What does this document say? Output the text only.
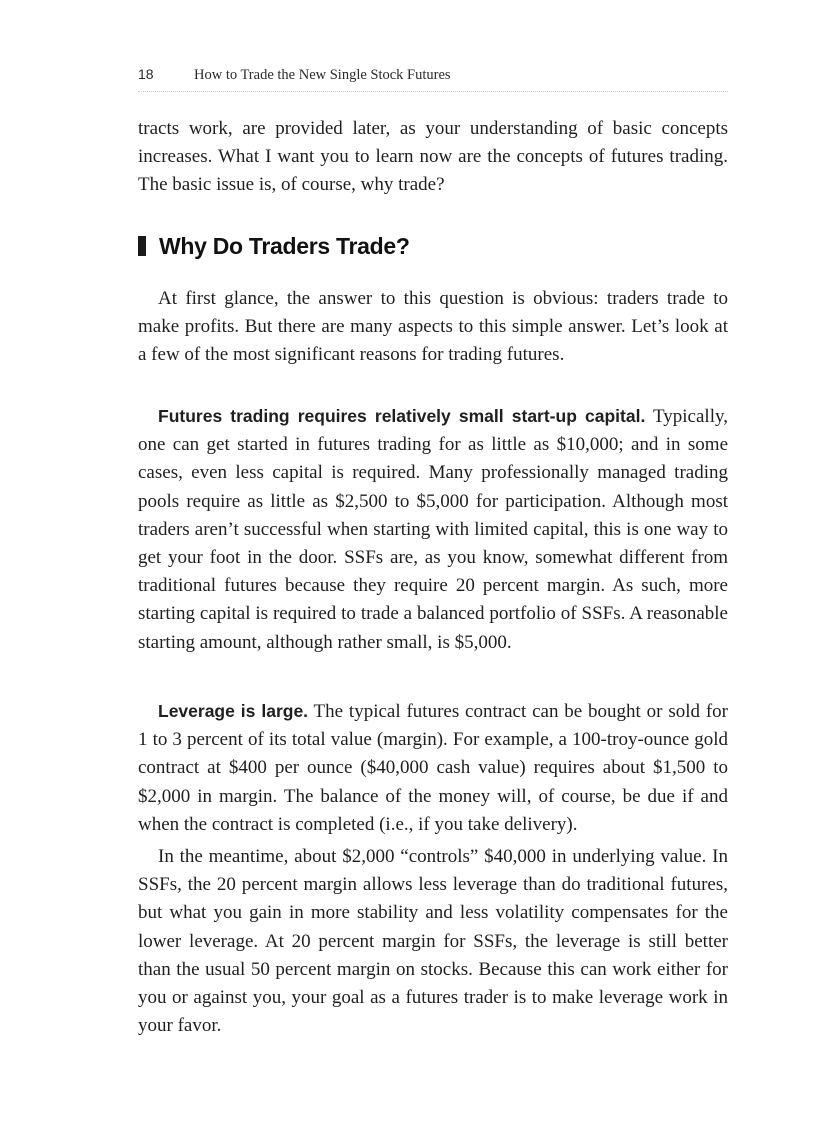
18	How to Trade the New Single Stock Futures

tracts work, are provided later, as your understanding of basic concepts increases. What I want you to learn now are the concepts of futures trading. The basic issue is, of course, why trade?

Why Do Traders Trade?

At first glance, the answer to this question is obvious: traders trade to make profits. But there are many aspects to this simple answer. Let’s look at a few of the most significant reasons for trading futures.

Futures trading requires relatively small start-up capital. Typically, one can get started in futures trading for as little as $10,000; and in some cases, even less capital is required. Many professionally managed trading pools require as little as $2,500 to $5,000 for participation. Although most traders aren’t successful when starting with limited capital, this is one way to get your foot in the door. SSFs are, as you know, somewhat different from traditional futures because they require 20 percent margin. As such, more starting capital is required to trade a balanced portfolio of SSFs. A reasonable starting amount, although rather small, is $5,000.

Leverage is large. The typical futures contract can be bought or sold for 1 to 3 percent of its total value (margin). For example, a 100-troy-ounce gold contract at $400 per ounce ($40,000 cash value) requires about $1,500 to $2,000 in margin. The balance of the money will, of course, be due if and when the contract is completed (i.e., if you take delivery).

In the meantime, about $2,000 “controls” $40,000 in underlying value. In SSFs, the 20 percent margin allows less leverage than do traditional futures, but what you gain in more stability and less volatility compensates for the lower leverage. At 20 percent margin for SSFs, the leverage is still better than the usual 50 percent margin on stocks. Because this can work either for you or against you, your goal as a futures trader is to make leverage work in your favor.
